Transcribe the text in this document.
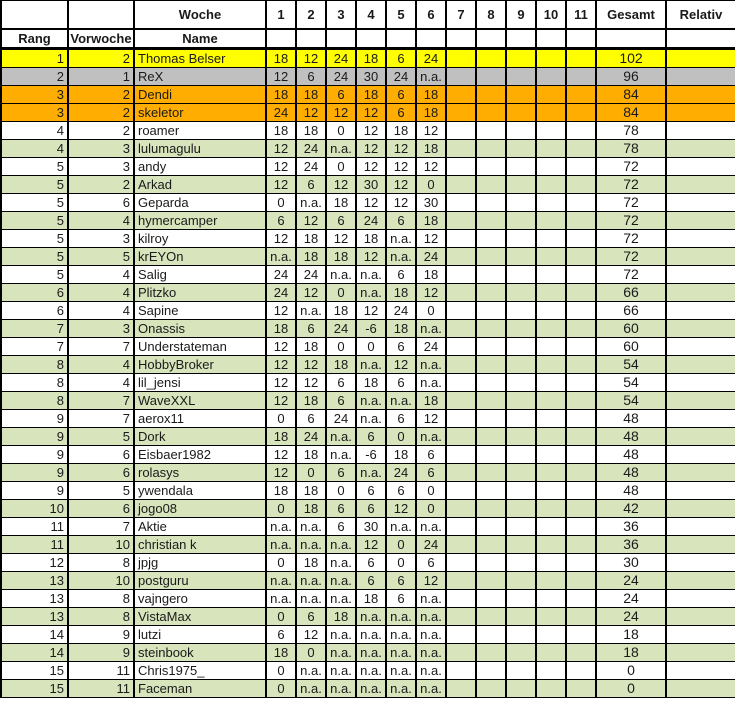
		Woche	1	2	3	4	5	6	7	8	9	10	11	Gesamt	Relativ
Rang	Vorwoche	Name													
1	2	Thomas Belser	18	12	24	18	6	24						102	
2	1	ReX	12	6	24	30	24	n.a.						96	
3	2	Dendi	18	18	6	18	6	18						84	
3	2	skeletor	24	12	12	12	6	18						84	
4	2	roamer	18	18	0	12	18	12						78	
4	3	lulumagulu	12	24	n.a.	12	12	18						78	
5	3	andy	12	24	0	12	12	12						72	
5	2	Arkad	12	6	12	30	12	0						72	
5	6	Geparda	0	n.a.	18	12	12	30						72	
5	4	hymercamper	6	12	6	24	6	18						72	
5	3	kilroy	12	18	12	18	n.a.	12						72	
5	5	krEYOn	n.a.	18	18	12	n.a.	24						72	
5	4	Salig	24	24	n.a.	n.a.	6	18						72	
6	4	Plitzko	24	12	0	n.a.	18	12						66	
6	4	Sapine	12	n.a.	18	12	24	0						66	
7	3	Onassis	18	6	24	-6	18	n.a.						60	
7	7	Understateman	12	18	0	0	6	24						60	
8	4	HobbyBroker	12	12	18	n.a.	12	n.a.						54	
8	4	lil_jensi	12	12	6	18	6	n.a.						54	
8	7	WaveXXL	12	18	6	n.a.	n.a.	18						54	
9	7	aerox11	0	6	24	n.a.	6	12						48	
9	5	Dork	18	24	n.a.	6	0	n.a.						48	
9	6	Eisbaer1982	12	18	n.a.	-6	18	6						48	
9	6	rolasys	12	0	6	n.a.	24	6						48	
9	5	ywendala	18	18	0	6	6	0						48	
10	6	jogo08	0	18	6	6	12	0						42	
11	7	Aktie	n.a.	n.a.	6	30	n.a.	n.a.						36	
11	10	christian k	n.a.	n.a.	n.a.	12	0	24						36	
12	8	jpjg	0	18	n.a.	6	0	6						30	
13	10	postguru	n.a.	n.a.	n.a.	6	6	12						24	
13	8	vajngero	n.a.	n.a.	n.a.	18	6	n.a.						24	
13	8	VistaMax	0	6	18	n.a.	n.a.	n.a.						24	
14	9	lutzi	6	12	n.a.	n.a.	n.a.	n.a.						18	
14	9	steinbook	18	0	n.a.	n.a.	n.a.	n.a.						18	
15	11	Chris1975_	0	n.a.	n.a.	n.a.	n.a.	n.a.						0	
15	11	Faceman	0	n.a.	n.a.	n.a.	n.a.	n.a.						0	
